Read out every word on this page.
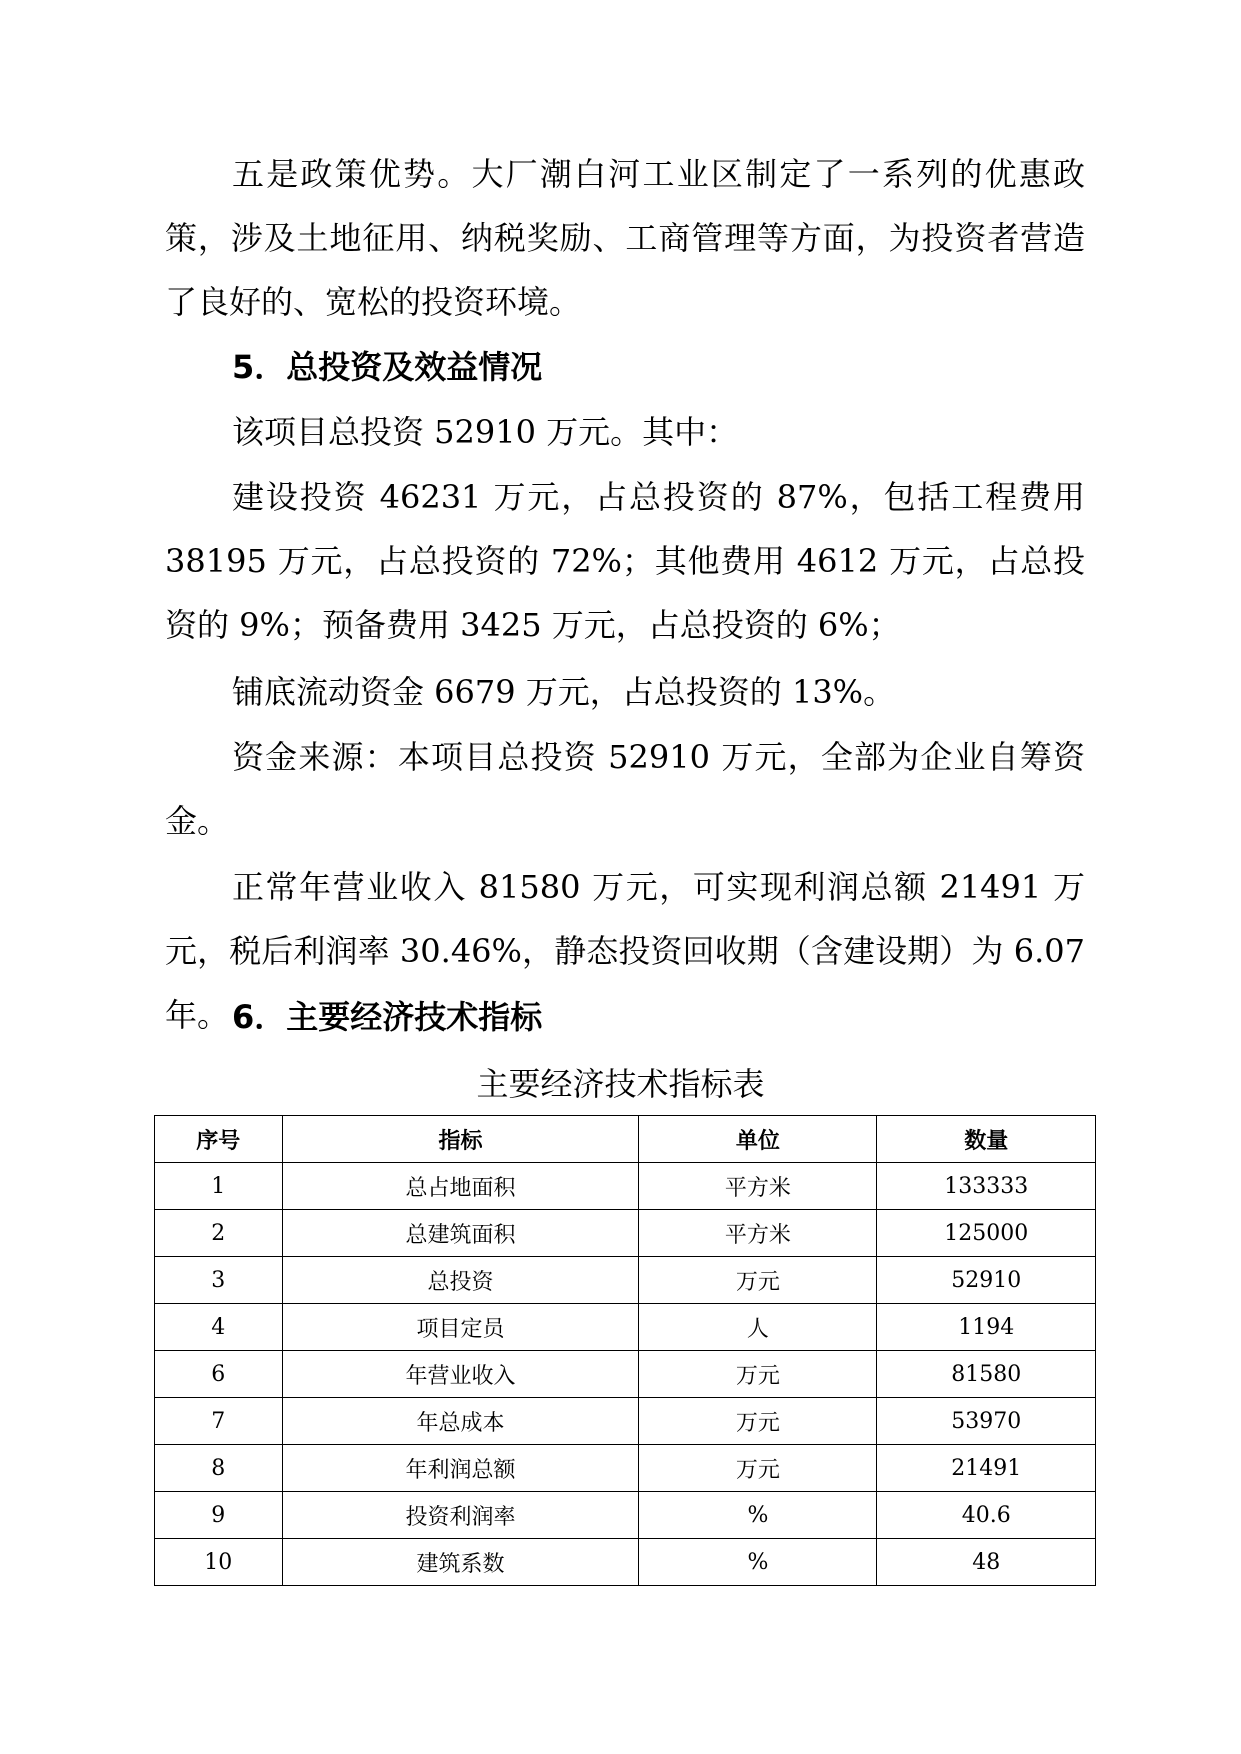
五是政策优势。大厂潮白河工业区制定了一系列的优惠政策，涉及土地征用、纳税奖励、工商管理等方面，为投资者营造了良好的、宽松的投资环境。

5．总投资及效益情况

该项目总投资 52910 万元。其中：

建设投资 46231 万元，占总投资的 87%，包括工程费用 38195 万元，占总投资的 72%；其他费用 4612 万元，占总投资的 9%；预备费用 3425 万元，占总投资的 6%；

铺底流动资金 6679 万元，占总投资的 13%。

资金来源：本项目总投资 52910 万元，全部为企业自筹资金。

正常年营业收入 81580 万元，可实现利润总额 21491 万元，税后利润率 30.46%，静态投资回收期（含建设期）为 6.07 年。 6．主要经济技术指标

主要经济技术指标表

序号	指标	单位	数量
1	总占地面积	平方米	133333
2	总建筑面积	平方米	125000
3	总投资	万元	52910
4	项目定员	人	1194
6	年营业收入	万元	81580
7	年总成本	万元	53970
8	年利润总额	万元	21491
9	投资利润率	%	40.6
10	建筑系数	%	48
